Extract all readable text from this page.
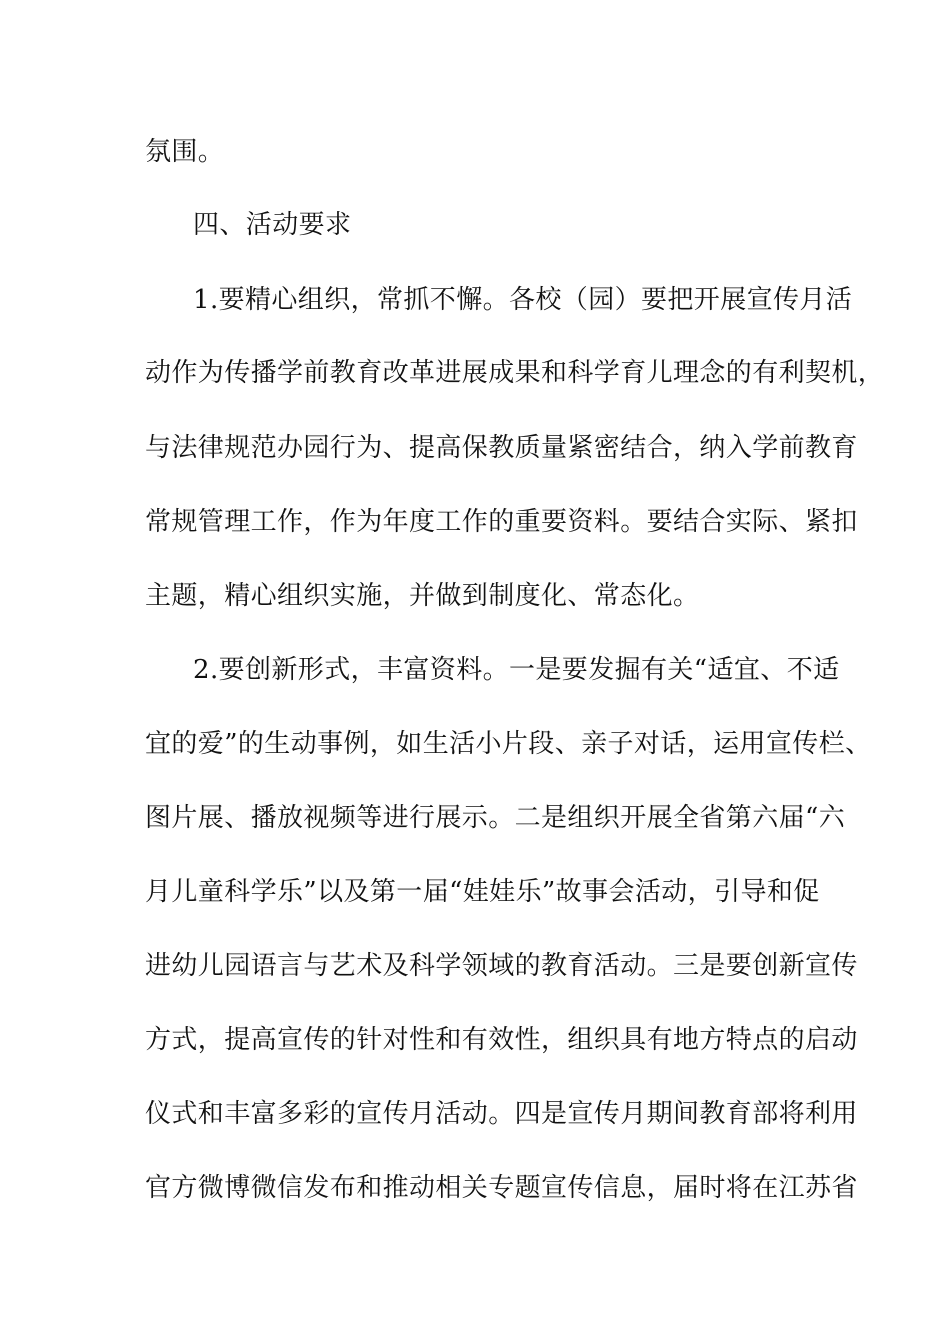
氛围。
四、活动要求
1.要精心组织，常抓不懈。各校（园）要把开展宣传月活
动作为传播学前教育改革进展成果和科学育儿理念的有利契机，
与法律规范办园行为、提高保教质量紧密结合，纳入学前教育
常规管理工作，作为年度工作的重要资料。要结合实际、紧扣
主题，精心组织实施，并做到制度化、常态化。
2.要创新形式，丰富资料。一是要发掘有关“适宜、不适
宜的爱”的生动事例，如生活小片段、亲子对话，运用宣传栏、
图片展、播放视频等进行展示。二是组织开展全省第六届“六
月儿童科学乐”以及第一届“娃娃乐”故事会活动，引导和促
进幼儿园语言与艺术及科学领域的教育活动。三是要创新宣传
方式，提高宣传的针对性和有效性，组织具有地方特点的启动
仪式和丰富多彩的宣传月活动。四是宣传月期间教育部将利用
官方微博微信发布和推动相关专题宣传信息，届时将在江苏省
